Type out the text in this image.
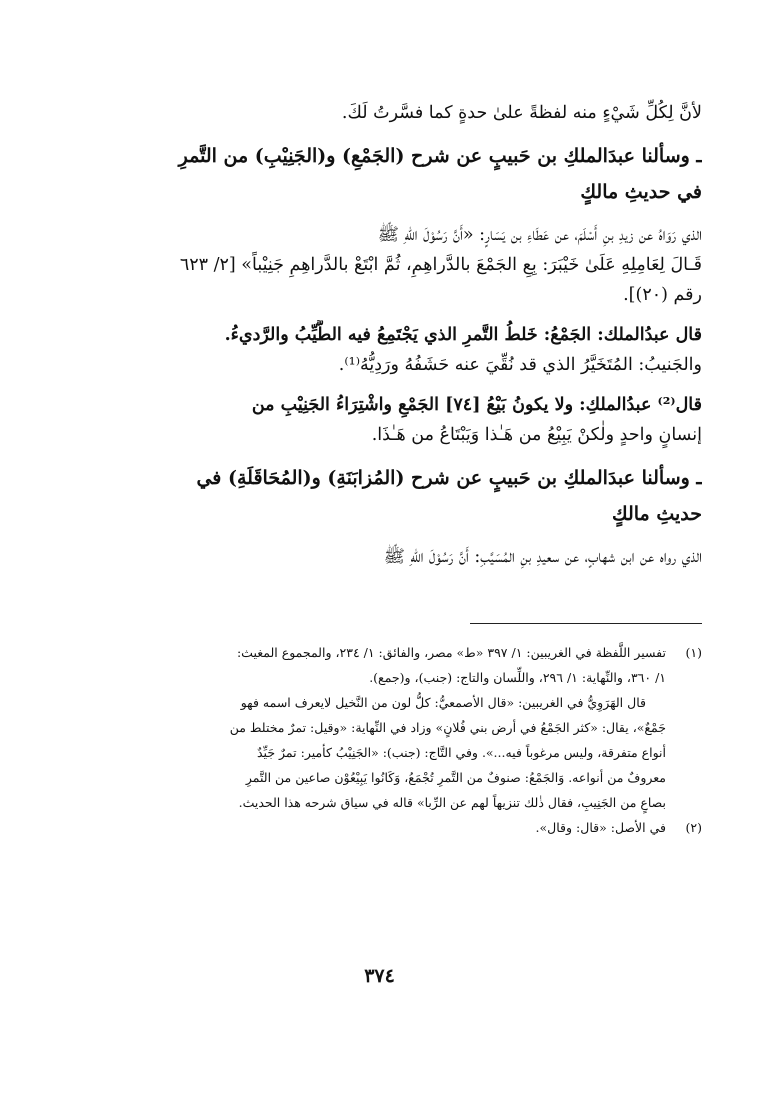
لأنَّ لِكُلِّ شَيْءٍ منه لفظةً علىٰ حدةٍ كما فسَّرتُ لَكَ.
ـ وسألنا عبدَالملكِ بن حَبيبٍ عن شرح (الجَمْعِ) و(الجَنِيْبِ) من التَّمرِ
في حديثِ مالكٍ
الذي رَوَاهُ عن زيدِ بنِ أَسْلَمَ، عن عَطَاءِ بن يَسَارٍ: «أَنَّ رَسُوْلَ اللهِ ﷺ
قَـالَ لِعَامِلِهِ عَلَىٰ خَيْبَرَ: بِعِ الجَمْعَ بالدَّراهِمِ، ثُمَّ ابْتَعْ بالدَّراهِمِ جَنِيْباً» [٢/ ٦٢٣
رقم (٢٠)].
قال عبدُالملك: الجَمْعُ: خَلطُ التَّمرِ الذي يَجْتَمِعُ فيه الطَّيِّبُ والرَّديءُ.
والجَنيبُ: المُتَخَيَّرُ الذي قد نُقِّيَ عنه حَشَفُهُ ورَدِيُّهُ⁽¹⁾.
قال⁽²⁾ عبدُالملكِ: ولا يكونُ بَيْعُ [٧٤] الجَمْعِ واشْتِرَاءُ الجَنِيْبِ من
إنسانٍ واحدٍ ولٰكنْ يَبِيْعُ من هَـٰذا وَيَبْتَاعُ من هَـٰذَا.
ـ وسألنا عبدَالملكِ بن حَبيبٍ عن شرح (المُزابَنَةِ) و(المُحَاقَلَةِ) في
حديثِ مالكٍ
الذي رواه عن ابن شهابٍ، عن سعيدِ بنِ المُسَيَّبِ: أَنَّ رَسُوْلَ اللهِ ﷺ
(١)
تفسير اللَّفظة في الغريبين: ١/ ٣٩٧ «ط» مصر، والفائق: ١/ ٢٣٤، والمجموع المغيث:
١/ ٣٦٠، والنِّهاية: ١/ ٢٩٦، واللِّسان والتاج: (جنب)، و(جمع).
قال الهَرَوِيُّ في الغريبين: «قال الأصمعيُّ: كلُّ لون من النَّخيل لايعرف اسمه فهو
جَمْعٌ»، يقال: «كثر الجَمْعُ في أرض بني فُلانٍ» وزاد في النِّهاية: «وقيل: تمرٌ مختلط من
أنواع متفرقة، وليس مرغوباً فيه...». وفي التَّاج: (جنب): «الجَنِيْبُ كأمير: تمرٌ جَيِّدٌ
معروفٌ من أنواعه. وَالجَمْعُ: صنوفٌ من التَّمرِ تُجْمَعُ، وَكَانُوا يَبِيْعُوْن صاعين من التَّمرِ
بصاعٍ من الجَنِيبِ، فقال ذٰلك تنزيهاً لهم عن الرِّبا» قاله في سياق شرحه هذا الحديث.
(٢)
في الأصل: «قال: وقال».
٣٧٤
